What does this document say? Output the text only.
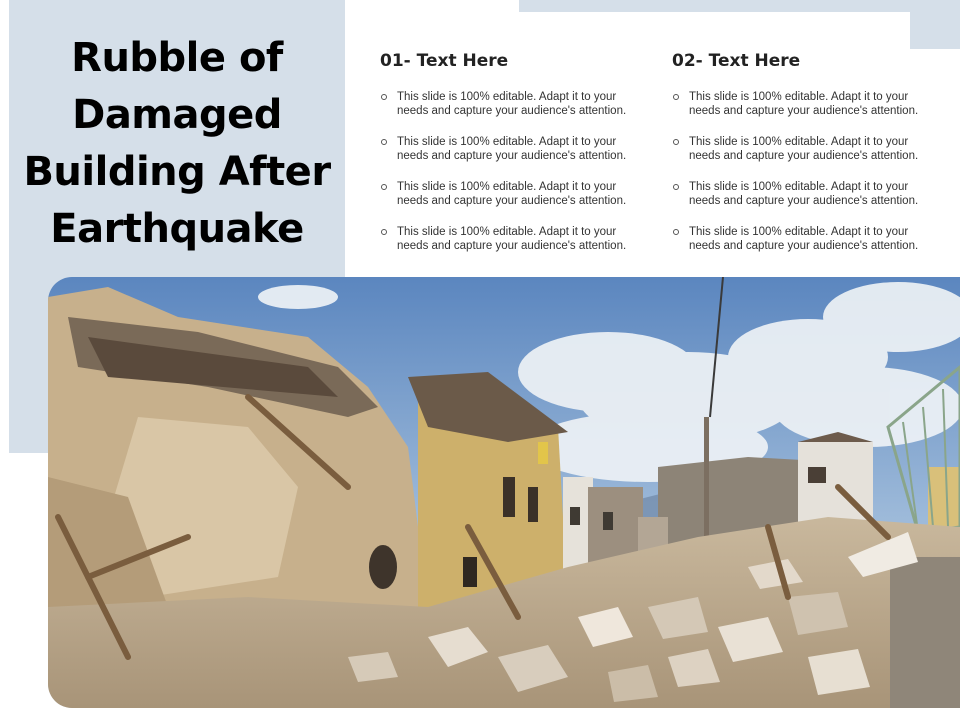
Rubble of Damaged Building After Earthquake
01- Text Here
This slide is 100% editable. Adapt it to your needs and capture your audience's attention.
This slide is 100% editable. Adapt it to your needs and capture your audience's attention.
This slide is 100% editable. Adapt it to your needs and capture your audience's attention.
This slide is 100% editable. Adapt it to your needs and capture your audience's attention.
02- Text Here
This slide is 100% editable. Adapt it to your needs and capture your audience's attention.
This slide is 100% editable. Adapt it to your needs and capture your audience's attention.
This slide is 100% editable. Adapt it to your needs and capture your audience's attention.
This slide is 100% editable. Adapt it to your needs and capture your audience's attention.
